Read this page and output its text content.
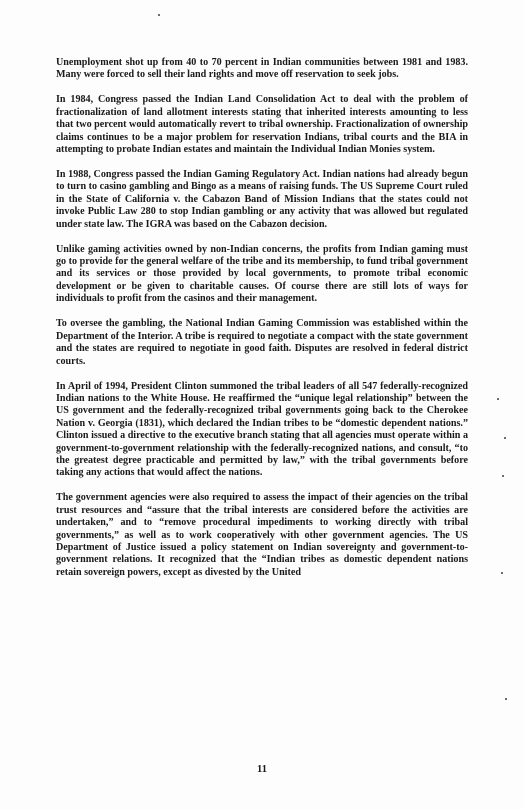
Unemployment shot up from 40 to 70 percent in Indian communities between 1981 and 1983. Many were forced to sell their land rights and move off reservation to seek jobs.

In 1984, Congress passed the Indian Land Consolidation Act to deal with the problem of fractionalization of land allotment interests stating that inherited interests amounting to less that two percent would automatically revert to tribal ownership. Fractionalization of ownership claims continues to be a major problem for reservation Indians, tribal courts and the BIA in attempting to probate Indian estates and maintain the Individual Indian Monies system.

In 1988, Congress passed the Indian Gaming Regulatory Act. Indian nations had already begun to turn to casino gambling and Bingo as a means of raising funds. The US Supreme Court ruled in the State of California v. the Cabazon Band of Mission Indians that the states could not invoke Public Law 280 to stop Indian gambling or any activity that was allowed but regulated under state law. The IGRA was based on the Cabazon decision.

Unlike gaming activities owned by non-Indian concerns, the profits from Indian gaming must go to provide for the general welfare of the tribe and its membership, to fund tribal government and its services or those provided by local governments, to promote tribal economic development or be given to charitable causes. Of course there are still lots of ways for individuals to profit from the casinos and their management.

To oversee the gambling, the National Indian Gaming Commission was established within the Department of the Interior. A tribe is required to negotiate a compact with the state government and the states are required to negotiate in good faith. Disputes are resolved in federal district courts.

In April of 1994, President Clinton summoned the tribal leaders of all 547 federally-recognized Indian nations to the White House. He reaffirmed the “unique legal relationship” between the US government and the federally-recognized tribal governments going back to the Cherokee Nation v. Georgia (1831), which declared the Indian tribes to be “domestic dependent nations.” Clinton issued a directive to the executive branch stating that all agencies must operate within a government-to-government relationship with the federally-recognized nations, and consult, “to the greatest degree practicable and permitted by law,” with the tribal governments before taking any actions that would affect the nations.

The government agencies were also required to assess the impact of their agencies on the tribal trust resources and “assure that the tribal interests are considered before the activities are undertaken,” and to “remove procedural impediments to working directly with tribal governments,” as well as to work cooperatively with other government agencies. The US Department of Justice issued a policy statement on Indian sovereignty and government-to-government relations. It recognized that the “Indian tribes as domestic dependent nations retain sovereign powers, except as divested by the United

11
